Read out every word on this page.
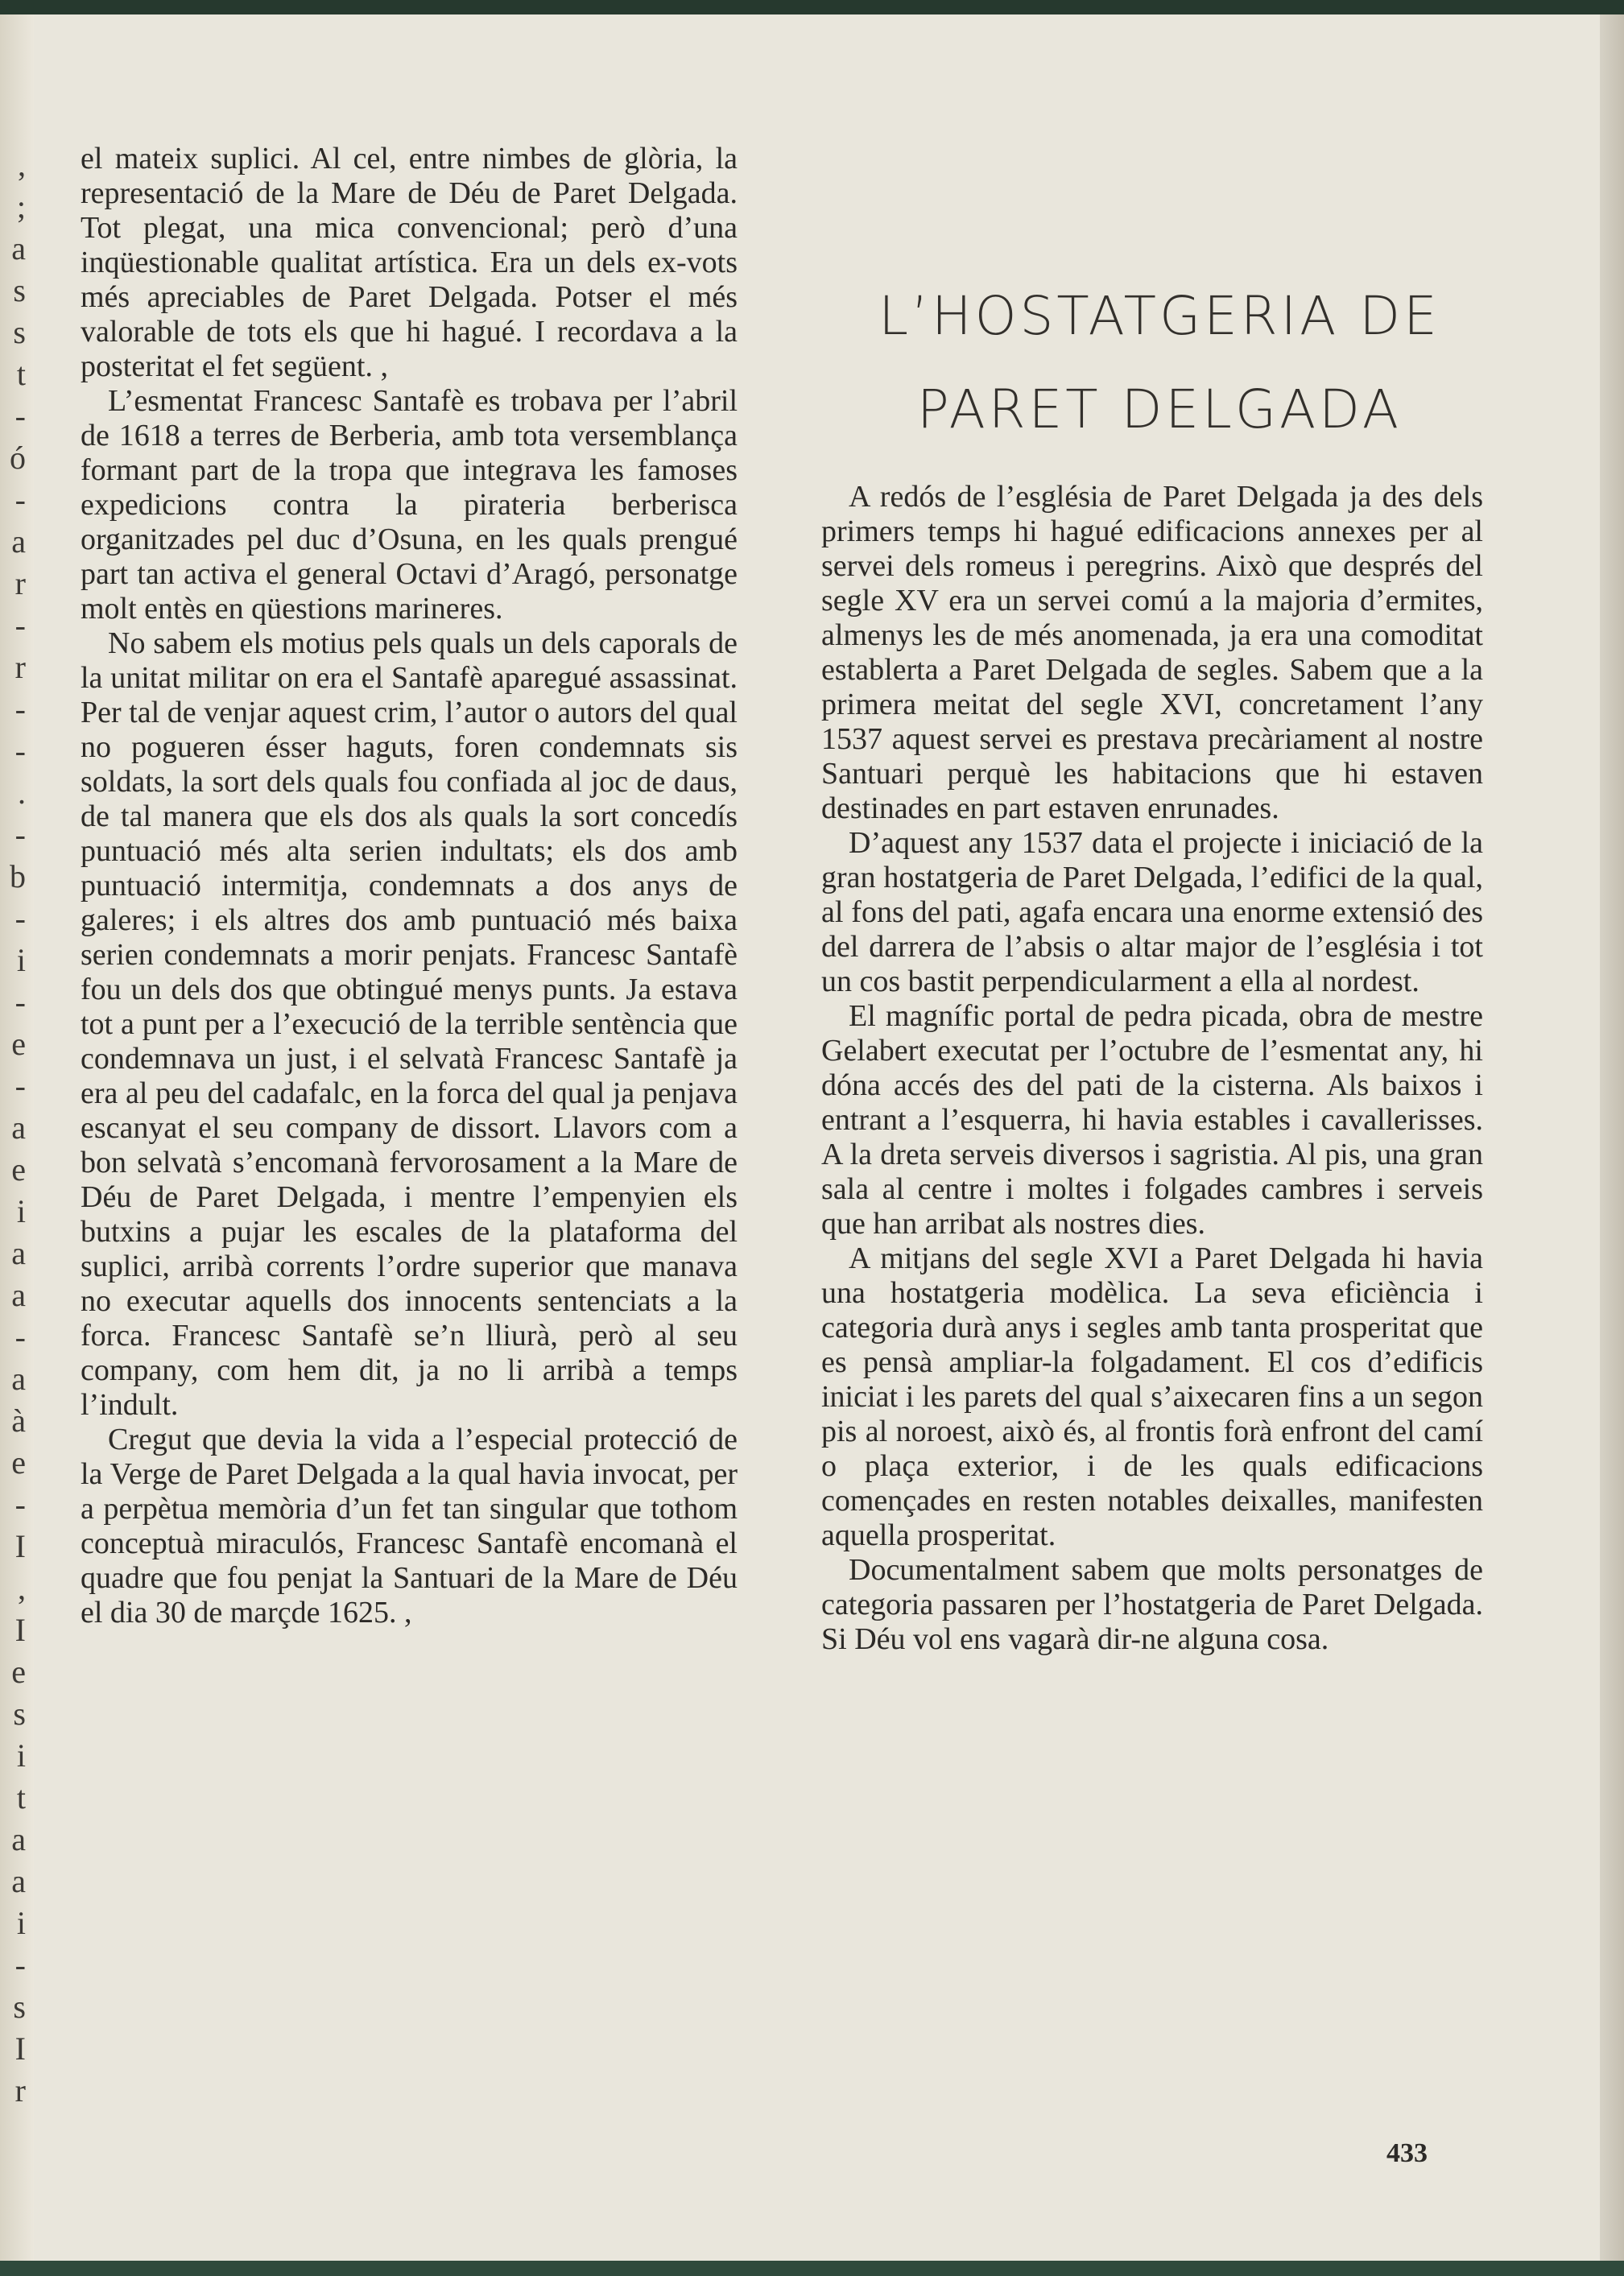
el mateix suplici. Al cel, entre nimbes de glòria, la representació de la Mare de Déu de Paret Delgada. Tot plegat, una mica convencional; però d’una inqüestionable qualitat artística. Era un dels ex-vots més apreciables de Paret Delgada. Potser el més valorable de tots els que hi hagué. I recordava a la posteritat el fet següent. ,

L’esmentat Francesc Santafè es trobava per l’abril de 1618 a terres de Berberia, amb tota versemblança formant part de la tropa que integrava les famoses expedicions contra la pirateria berberisca organitzades pel duc d’Osuna, en les quals prengué part tan activa el general Octavi d’Aragó, personatge molt entès en qüestions marineres.

No sabem els motius pels quals un dels caporals de la unitat militar on era el Santafè aparegué assassinat. Per tal de venjar aquest crim, l’autor o autors del qual no pogueren ésser haguts, foren condemnats sis soldats, la sort dels quals fou confiada al joc de daus, de tal manera que els dos als quals la sort concedís puntuació més alta serien indultats; els dos amb puntuació intermitja, condemnats a dos anys de galeres; i els altres dos amb puntuació més baixa serien condemnats a morir penjats. Francesc Santafè fou un dels dos que obtingué menys punts. Ja estava tot a punt per a l’execució de la terrible sentència que condemnava un just, i el selvatà Francesc Santafè ja era al peu del cadafalc, en la forca del qual ja penjava escanyat el seu company de dissort. Llavors com a bon selvatà s’encomanà fervorosament a la Mare de Déu de Paret Delgada, i mentre l’empenyien els butxins a pujar les escales de la plataforma del suplici, arribà corrents l’ordre superior que manava no executar aquells dos innocents sentenciats a la forca. Francesc Santafè se’n lliurà, però al seu company, com hem dit, ja no li arribà a temps l’indult.

Cregut que devia la vida a l’especial protecció de la Verge de Paret Delgada a la qual havia invocat, per a perpètua memòria d’un fet tan singular que tothom conceptuà miraculós, Francesc Santafè encomanà el quadre que fou penjat la Santuari de la Mare de Déu el dia 30 de marçde 1625. ,

L’HOSTATGERIA DE
PARET DELGADA

A redós de l’església de Paret Delgada ja des dels primers temps hi hagué edificacions annexes per al servei dels romeus i peregrins. Això que després del segle XV era un servei comú a la majoria d’ermites, almenys les de més anomenada, ja era una comoditat establerta a Paret Delgada de segles. Sabem que a la primera meitat del segle XVI, concretament l’any 1537 aquest servei es prestava precàriament al nostre Santuari perquè les habitacions que hi estaven destinades en part estaven enrunades.

D’aquest any 1537 data el projecte i iniciació de la gran hostatgeria de Paret Delgada, l’edifici de la qual, al fons del pati, agafa encara una enorme extensió des del darrera de l’absis o altar major de l’església i tot un cos bastit perpendicularment a ella al nordest.

El magnífic portal de pedra picada, obra de mestre Gelabert executat per l’octubre de l’esmentat any, hi dóna accés des del pati de la cisterna. Als baixos i entrant a l’esquerra, hi havia estables i cavallerisses. A la dreta serveis diversos i sagristia. Al pis, una gran sala al centre i moltes i folgades cambres i serveis que han arribat als nostres dies.

A mitjans del segle XVI a Paret Delgada hi havia una hostatgeria modèlica. La seva eficiència i categoria durà anys i segles amb tanta prosperitat que es pensà ampliar-la folgadament. El cos d’edificis iniciat i les parets del qual s’aixecaren fins a un segon pis al noroest, això és, al frontis forà enfront del camí o plaça exterior, i de les quals edificacions començades en resten notables deixalles, manifesten aquella prosperitat.

Documentalment sabem que molts personatges de categoria passaren per l’hostatgeria de Paret Delgada. Si Déu vol ens vagarà dir-ne alguna cosa.

433
,
;
a
s
s
t
-
ó
-
a
r
-
r
-
-
.
-
b
-
i
-
e
-
a
e
i
a
a
-
a
à
e
-
I
,
I
e
s
i
t
a
a
i
-
s
I
r
